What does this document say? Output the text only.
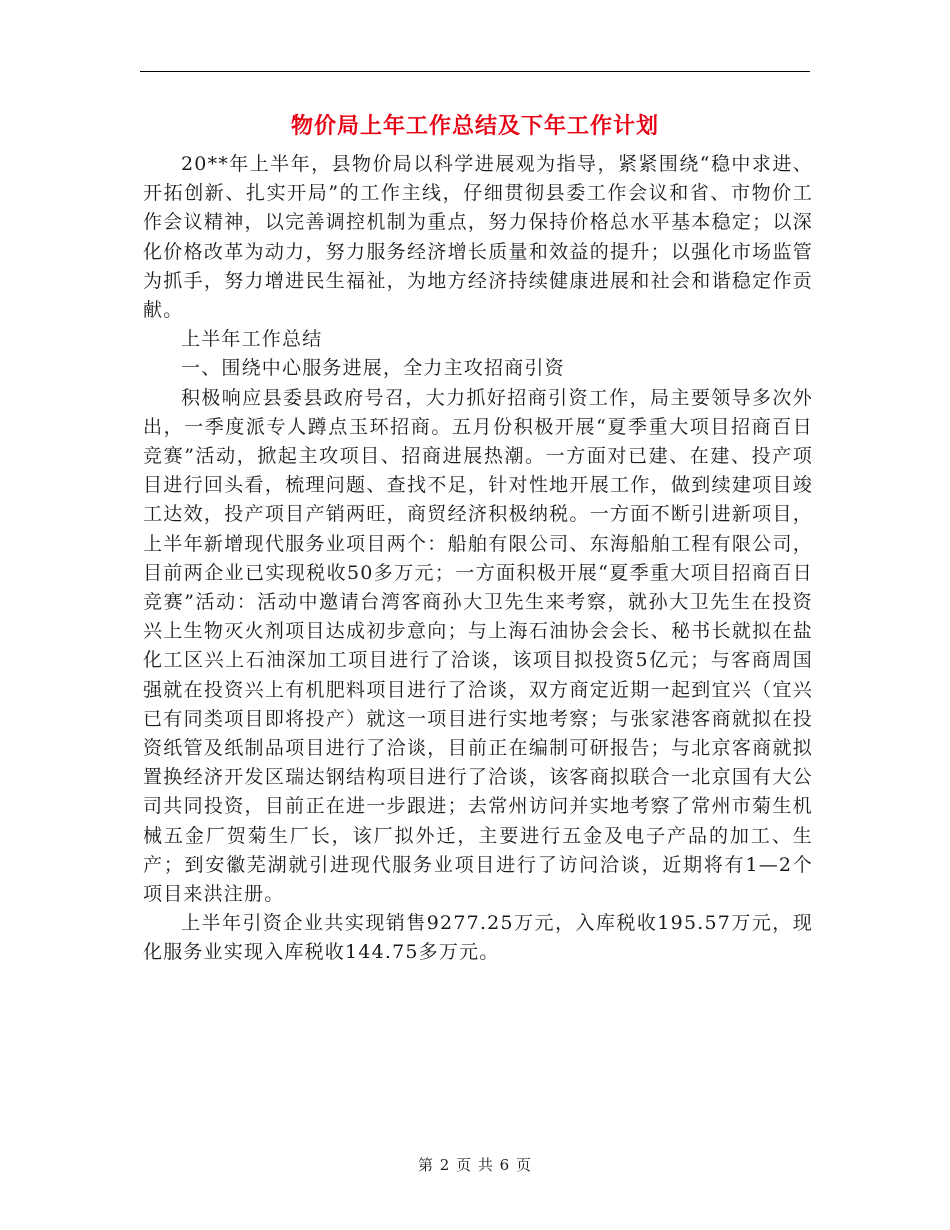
物价局上年工作总结及下年工作计划

20**年上半年，县物价局以科学进展观为指导，紧紧围绕“稳中求进、开拓创新、扎实开局”的工作主线，仔细贯彻县委工作会议和省、市物价工作会议精神，以完善调控机制为重点，努力保持价格总水平基本稳定；以深化价格改革为动力，努力服务经济增长质量和效益的提升；以强化市场监管为抓手，努力增进民生福祉，为地方经济持续健康进展和社会和谐稳定作贡献。

上半年工作总结

一、围绕中心服务进展，全力主攻招商引资

积极响应县委县政府号召，大力抓好招商引资工作，局主要领导多次外出，一季度派专人蹲点玉环招商。五月份积极开展“夏季重大项目招商百日竞赛”活动，掀起主攻项目、招商进展热潮。一方面对已建、在建、投产项目进行回头看，梳理问题、查找不足，针对性地开展工作，做到续建项目竣工达效，投产项目产销两旺，商贸经济积极纳税。一方面不断引进新项目，上半年新增现代服务业项目两个：船舶有限公司、东海船舶工程有限公司，目前两企业已实现税收50多万元；一方面积极开展“夏季重大项目招商百日竞赛”活动：活动中邀请台湾客商孙大卫先生来考察，就孙大卫先生在投资兴上生物灭火剂项目达成初步意向；与上海石油协会会长、秘书长就拟在盐化工区兴上石油深加工项目进行了洽谈，该项目拟投资5亿元；与客商周国强就在投资兴上有机肥料项目进行了洽谈，双方商定近期一起到宜兴（宜兴已有同类项目即将投产）就这一项目进行实地考察；与张家港客商就拟在投资纸管及纸制品项目进行了洽谈，目前正在编制可研报告；与北京客商就拟置换经济开发区瑞达钢结构项目进行了洽谈，该客商拟联合一北京国有大公司共同投资，目前正在进一步跟进；去常州访问并实地考察了常州市菊生机械五金厂贺菊生厂长，该厂拟外迁，主要进行五金及电子产品的加工、生产；到安徽芜湖就引进现代服务业项目进行了访问洽谈，近期将有1—2个项目来洪注册。

上半年引资企业共实现销售9277.25万元，入库税收195.57万元，现化服务业实现入库税收144.75多万元。

第 2 页 共 6 页
